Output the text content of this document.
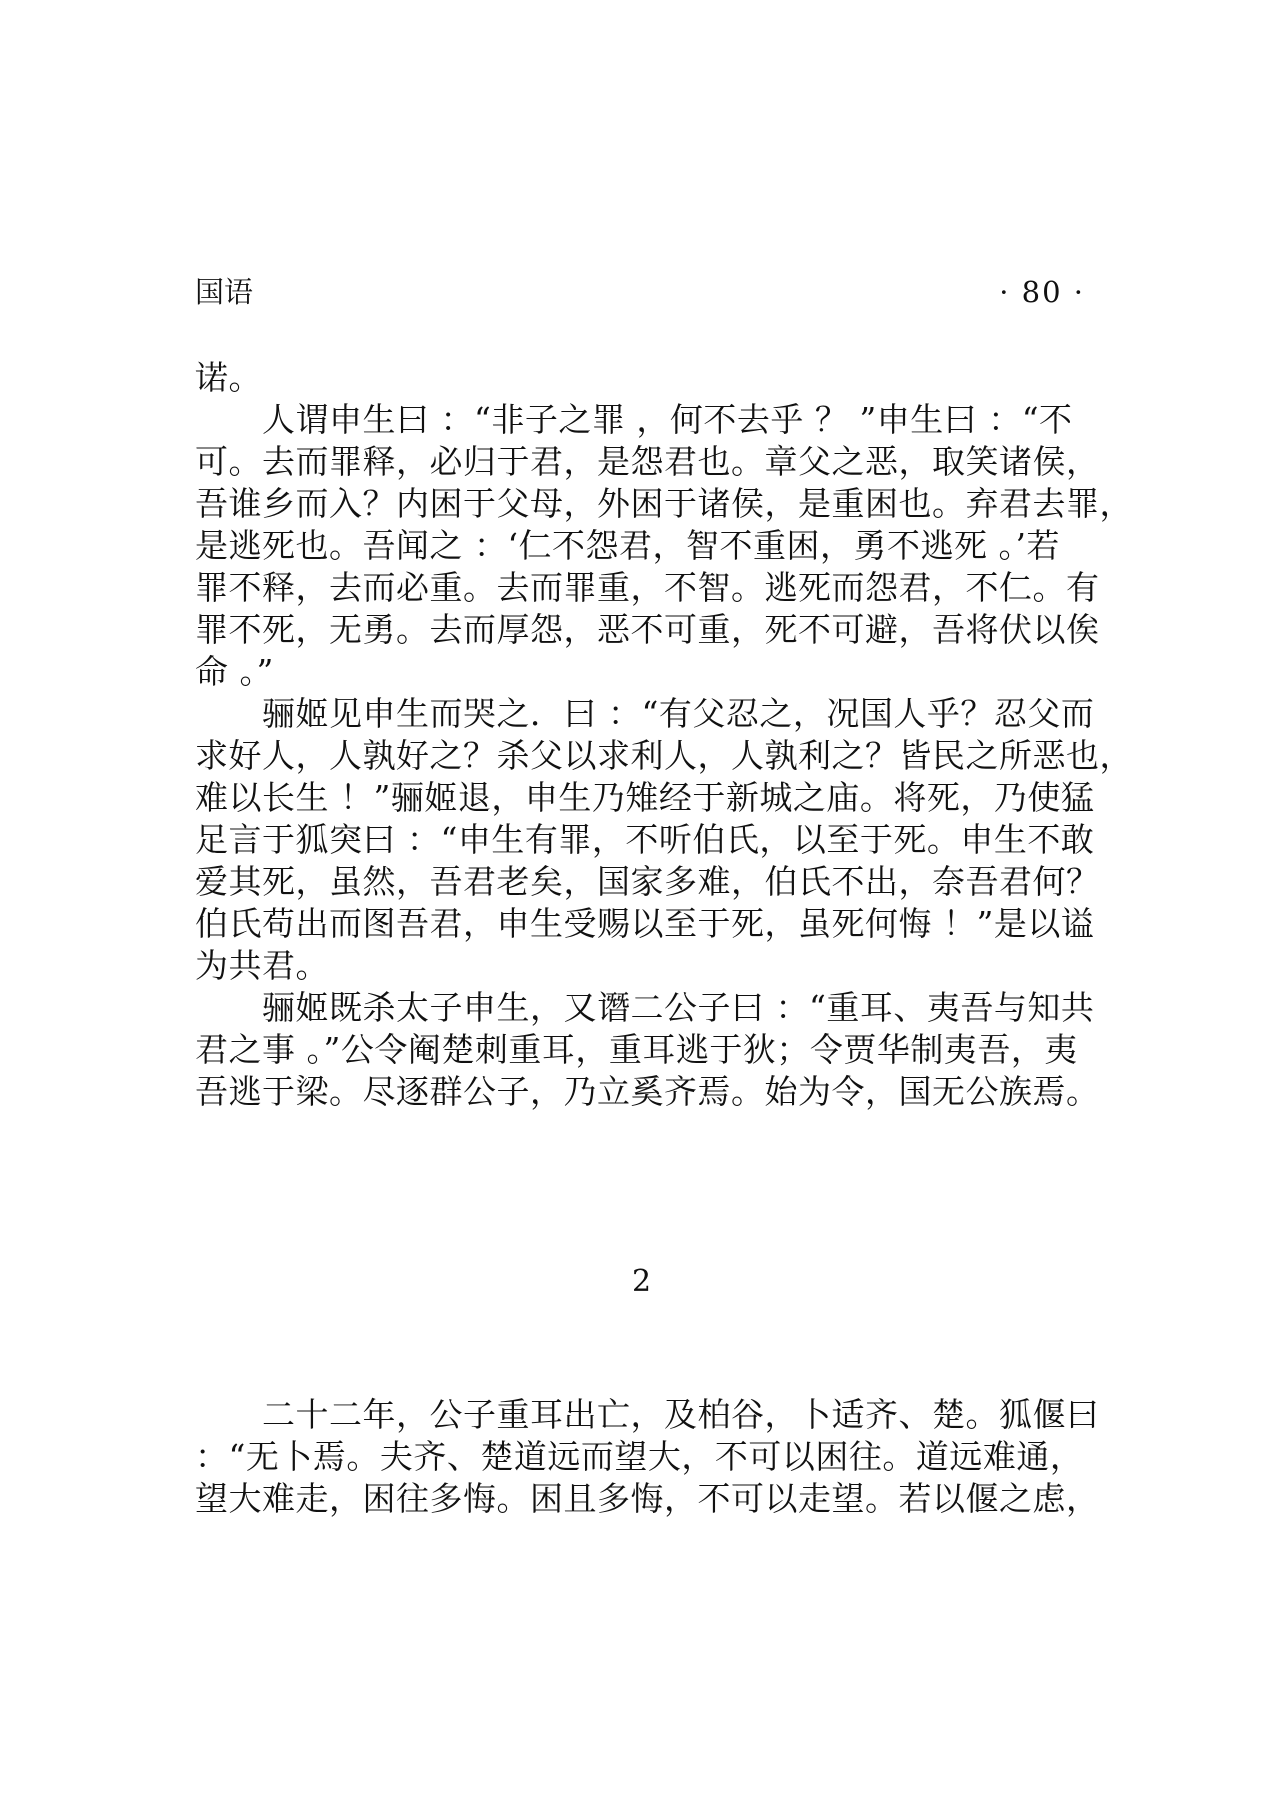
国语	· 80 ·
诺。
　　人谓申生曰 ：“非子之罪 ，何不去乎 ？ ”申生曰 ：“不
可。去而罪释，必归于君，是怨君也。章父之恶，取笑诸侯，
吾谁乡而入？内困于父母，外困于诸侯，是重困也。弃君去罪，
是逃死也。吾闻之 ：‘仁不怨君，智不重困，勇不逃死 。’若
罪不释，去而必重。去而罪重，不智。逃死而怨君，不仁。有
罪不死，无勇。去而厚怨，恶不可重，死不可避，吾将伏以俟
命 。”
　　骊姬见申生而哭之．曰 ：“有父忍之，况国人乎？忍父而
求好人，人孰好之？杀父以求利人，人孰利之？皆民之所恶也，
难以长生 ！”骊姬退，申生乃雉经于新城之庙。将死，乃使猛
足言于狐突曰 ：“申生有罪，不听伯氏，以至于死。申生不敢
爱其死，虽然，吾君老矣，国家多难，伯氏不出，奈吾君何？
伯氏苟出而图吾君，申生受赐以至于死，虽死何悔 ！”是以谥
为共君。
　　骊姬既杀太子申生，又谮二公子曰 ：“重耳、夷吾与知共
君之事 。”公令阉楚刺重耳，重耳逃于狄；令贾华制夷吾，夷
吾逃于梁。尽逐群公子，乃立奚齐焉。始为令，国无公族焉。
2
　　二十二年，公子重耳出亡，及柏谷，卜适齐、楚。狐偃曰
：“无卜焉。夫齐、楚道远而望大，不可以困往。道远难通，
望大难走，困往多悔。困且多悔，不可以走望。若以偃之虑，
